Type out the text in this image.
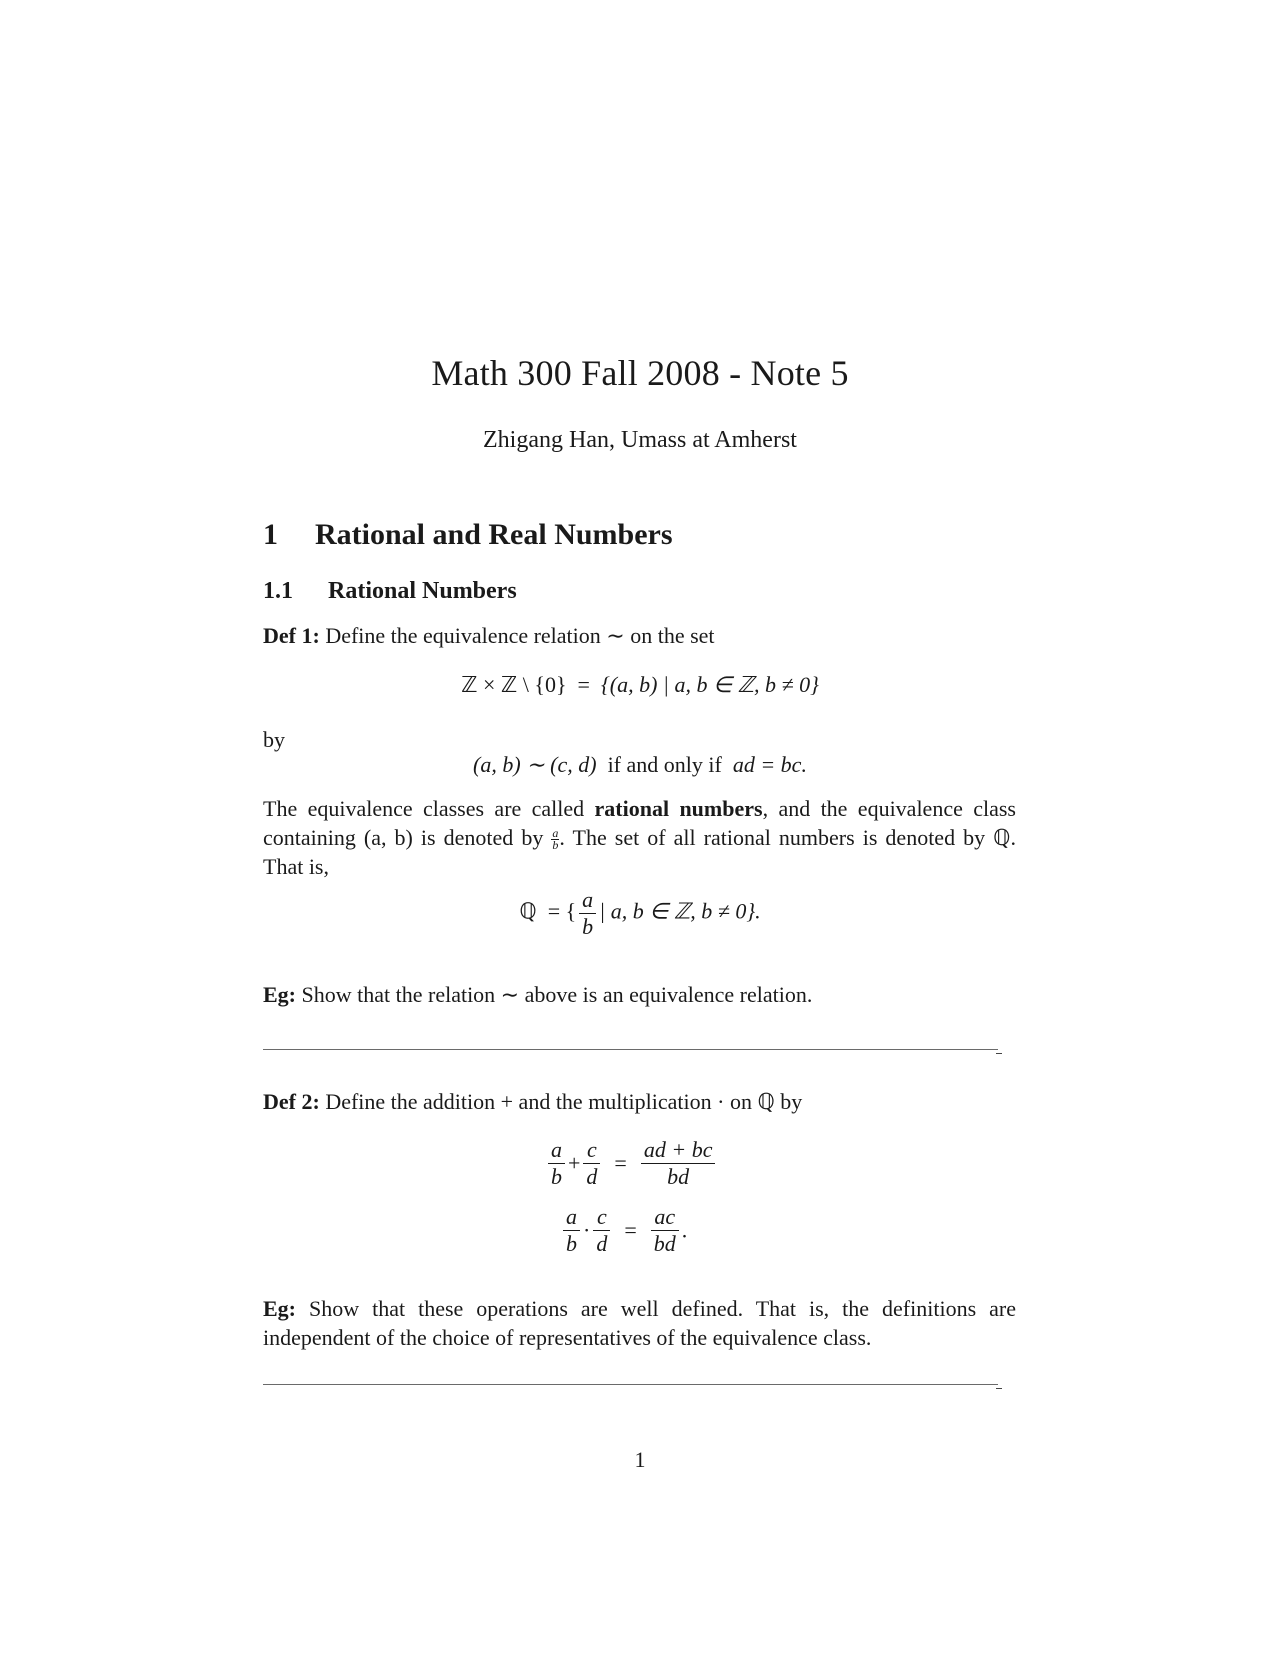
Math 300 Fall 2008 - Note 5
Zhigang Han, Umass at Amherst
1 Rational and Real Numbers
1.1 Rational Numbers
Def 1: Define the equivalence relation ∼ on the set
ℤ × ℤ \ {0} = {(a, b) | a, b ∈ ℤ, b ≠ 0}
by
(a, b) ∼ (c, d) if and only if ad = bc.
The equivalence classes are called rational numbers, and the equivalence class containing (a, b) is denoted by $\frac{a}{b}$ . The set of all rational numbers is denoted by ℚ. That is,
ℚ = { $\frac{a}{b}$ | a, b ∈ ℤ, b ≠ 0}.
Eg: Show that the relation ∼ above is an equivalence relation.
Def 2: Define the addition + and the multiplication · on ℚ by
$\frac{a}{b} + \frac{c}{d} = \frac{ad + bc}{bd}$
$\frac{a}{b} \cdot \frac{c}{d} = \frac{ac}{bd}$ .
Eg: Show that these operations are well defined. That is, the definitions are independent of the choice of representatives of the equivalence class.
1
